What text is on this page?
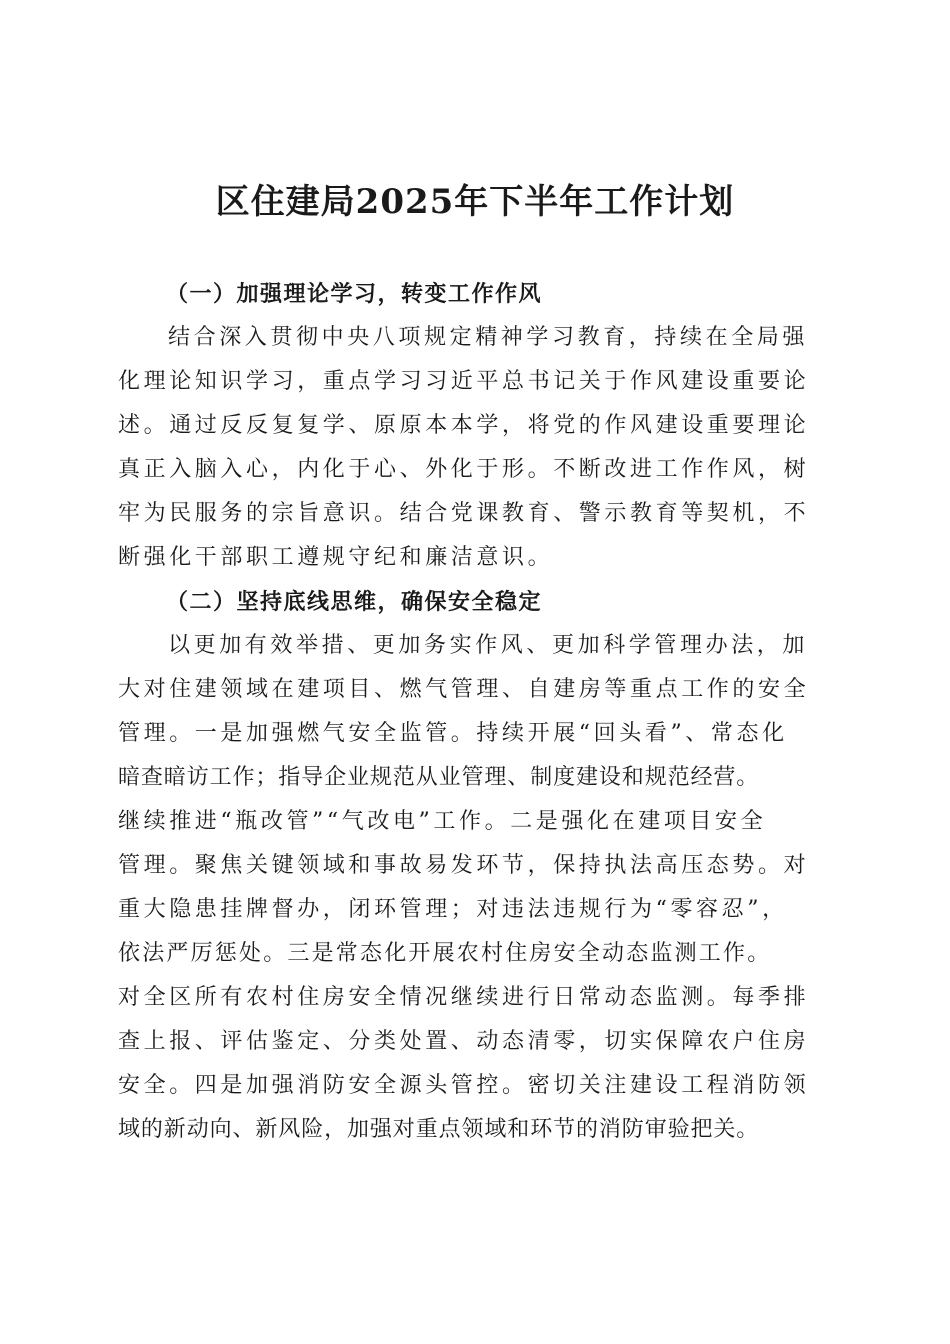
区住建局2025年下半年工作计划

（一）加强理论学习，转变工作作风

结合深入贯彻中央八项规定精神学习教育，持续在全局强
化理论知识学习，重点学习习近平总书记关于作风建设重要论
述。通过反反复复学、原原本本学，将党的作风建设重要理论
真正入脑入心，内化于心、外化于形。不断改进工作作风，树
牢为民服务的宗旨意识。结合党课教育、警示教育等契机，不
断强化干部职工遵规守纪和廉洁意识。

（二）坚持底线思维，确保安全稳定

以更加有效举措、更加务实作风、更加科学管理办法，加
大对住建领域在建项目、燃气管理、自建房等重点工作的安全
管理。一是加强燃气安全监管。持续开展“回头看”、常态化
暗查暗访工作；指导企业规范从业管理、制度建设和规范经营。
继续推进“瓶改管”“气改电”工作。二是强化在建项目安全
管理。聚焦关键领域和事故易发环节，保持执法高压态势。对
重大隐患挂牌督办，闭环管理；对违法违规行为“零容忍”，
依法严厉惩处。三是常态化开展农村住房安全动态监测工作。
对全区所有农村住房安全情况继续进行日常动态监测。每季排
查上报、评估鉴定、分类处置、动态清零，切实保障农户住房
安全。四是加强消防安全源头管控。密切关注建设工程消防领
域的新动向、新风险，加强对重点领域和环节的消防审验把关。
